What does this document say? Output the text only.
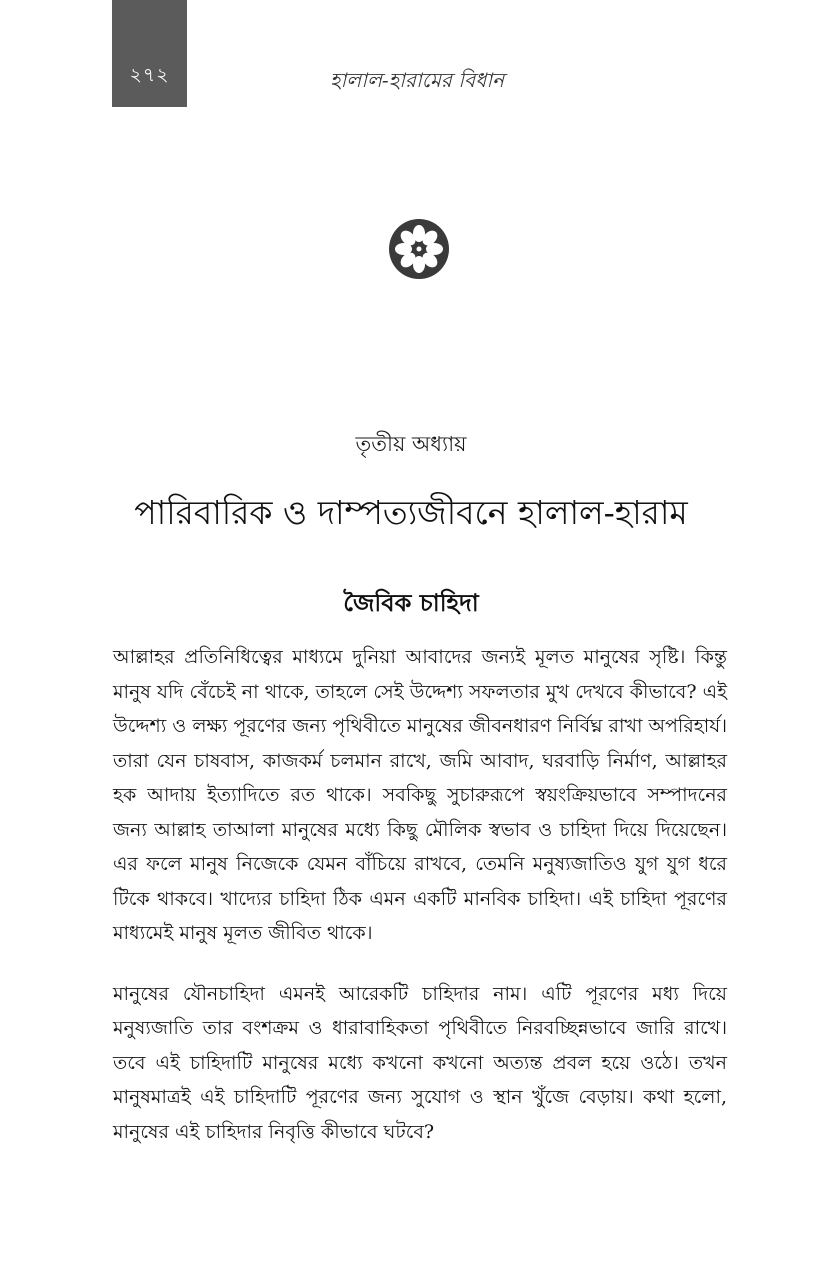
২৭২	হালাল-হারামের বিধান
তৃতীয় অধ্যায়
পারিবারিক ও দাম্পত্যজীবনে হালাল-হারাম
জৈবিক চাহিদা

আল্লাহর প্রতিনিধিত্বের মাধ্যমে দুনিয়া আবাদের জন্যই মূলত মানুষের সৃষ্টি। কিন্তু মানুষ যদি বেঁচেই না থাকে, তাহলে সেই উদ্দেশ্য সফলতার মুখ দেখবে কীভাবে? এই উদ্দেশ্য ও লক্ষ্য পূরণের জন্য পৃথিবীতে মানুষের জীবনধারণ নির্বিঘ্ন রাখা অপরিহার্য। তারা যেন চাষবাস, কাজকর্ম চলমান রাখে, জমি আবাদ, ঘরবাড়ি নির্মাণ, আল্লাহর হক আদায় ইত্যাদিতে রত থাকে। সবকিছু সুচারুরূপে স্বয়ংক্রিয়ভাবে সম্পাদনের জন্য আল্লাহ তাআলা মানুষের মধ্যে কিছু মৌলিক স্বভাব ও চাহিদা দিয়ে দিয়েছেন। এর ফলে মানুষ নিজেকে যেমন বাঁচিয়ে রাখবে, তেমনি মনুষ্যজাতিও যুগ যুগ ধরে টিকে থাকবে। খাদ্যের চাহিদা ঠিক এমন একটি মানবিক চাহিদা। এই চাহিদা পূরণের মাধ্যমেই মানুষ মূলত জীবিত থাকে।

মানুষের যৌনচাহিদা এমনই আরেকটি চাহিদার নাম। এটি পূরণের মধ্য দিয়ে মনুষ্যজাতি তার বংশক্রম ও ধারাবাহিকতা পৃথিবীতে নিরবচ্ছিন্নভাবে জারি রাখে। তবে এই চাহিদাটি মানুষের মধ্যে কখনো কখনো অত্যন্ত প্রবল হয়ে ওঠে। তখন মানুষমাত্রই এই চাহিদাটি পূরণের জন্য সুযোগ ও স্থান খুঁজে বেড়ায়। কথা হলো, মানুষের এই চাহিদার নিবৃত্তি কীভাবে ঘটবে?
